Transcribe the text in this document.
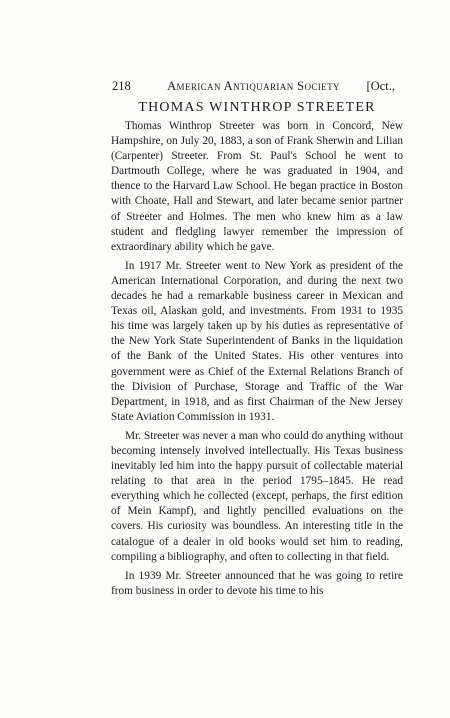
218	American Antiquarian Society	[Oct.,
THOMAS WINTHROP STREETER

Thomas Winthrop Streeter was born in Concord, New Hampshire, on July 20, 1883, a son of Frank Sherwin and Lilian (Carpenter) Streeter. From St. Paul's School he went to Dartmouth College, where he was graduated in 1904, and thence to the Harvard Law School. He began practice in Boston with Choate, Hall and Stewart, and later became senior partner of Streeter and Holmes. The men who knew him as a law student and fledgling lawyer remember the impression of extraordinary ability which he gave.

In 1917 Mr. Streeter went to New York as president of the American International Corporation, and during the next two decades he had a remarkable business career in Mexican and Texas oil, Alaskan gold, and investments. From 1931 to 1935 his time was largely taken up by his duties as representative of the New York State Superintendent of Banks in the liquidation of the Bank of the United States. His other ventures into government were as Chief of the External Relations Branch of the Division of Purchase, Storage and Traffic of the War Department, in 1918, and as first Chairman of the New Jersey State Aviation Commission in 1931.

Mr. Streeter was never a man who could do anything without becoming intensely involved intellectually. His Texas business inevitably led him into the happy pursuit of collectable material relating to that area in the period 1795–1845. He read everything which he collected (except, perhaps, the first edition of Mein Kampf), and lightly pencilled evaluations on the covers. His curiosity was boundless. An interesting title in the catalogue of a dealer in old books would set him to reading, compiling a bibliography, and often to collecting in that field.

In 1939 Mr. Streeter announced that he was going to retire from business in order to devote his time to his
